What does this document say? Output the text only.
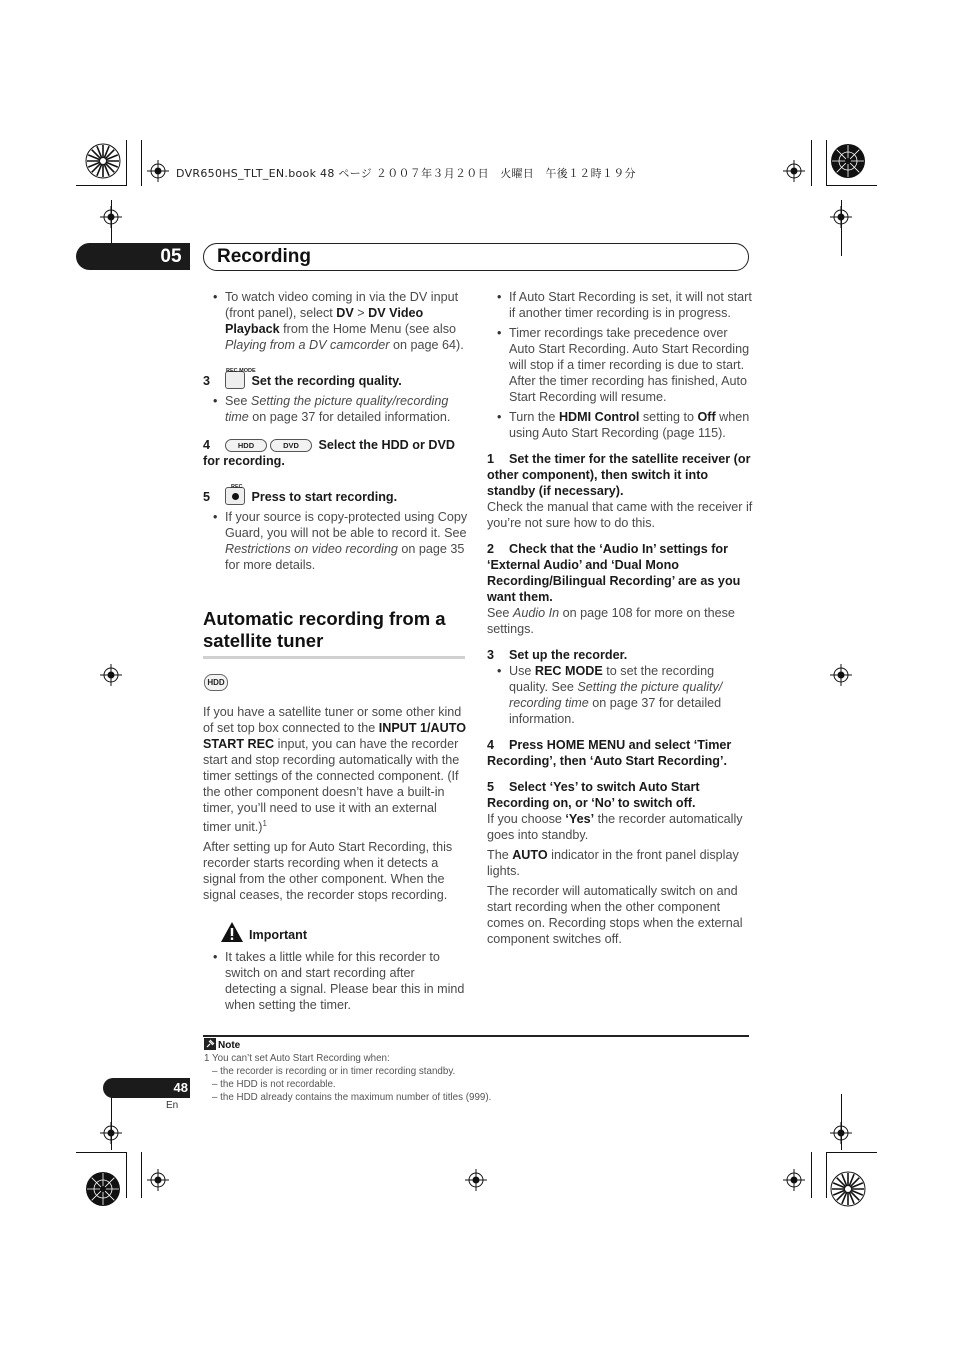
DVR650HS_TLT_EN.book 48 ページ ２００７年３月２０日　火曜日　午後１２時１９分
05	Recording

• To watch video coming in via the DV input (front panel), select DV > DV Video Playback from the Home Menu (see also Playing from a DV camcorder on page 64).

3
REC MODE
Set the recording quality.

• See Setting the picture quality/recording time on page 37 for detailed information.

4	HDD	DVD Select the HDD or DVD for recording.

5
REC
Press to start recording.

• If your source is copy-protected using Copy Guard, you will not be able to record it. See Restrictions on video recording on page 35 for more details.

Automatic recording from a satellite tuner
HDD

If you have a satellite tuner or some other kind of set top box connected to the INPUT 1/AUTO START REC input, you can have the recorder start and stop recording automatically with the timer settings of the connected component. (If the other component doesn’t have a built-in timer, you’ll need to use it with an external timer unit.)$^1$

After setting up for Auto Start Recording, this recorder starts recording when it detects a signal from the other component. When the signal ceases, the recorder stops recording.

Important

• It takes a little while for this recorder to switch on and start recording after detecting a signal. Please bear this in mind when setting the timer.

• If Auto Start Recording is set, it will not start if another timer recording is in progress.

• Timer recordings take precedence over Auto Start Recording. Auto Start Recording will stop if a timer recording is due to start. After the timer recording has finished, Auto Start Recording will resume.

• Turn the HDMI Control setting to Off when using Auto Start Recording (page 115).

1 Set the timer for the satellite receiver (or other component), then switch it into standby (if necessary).

Check the manual that came with the receiver if you’re not sure how to do this.

2 Check that the ‘Audio In’ settings for ‘External Audio’ and ‘Dual Mono Recording/Bilingual Recording’ are as you want them.

See Audio In on page 108 for more on these settings.

3 Set up the recorder.

• Use REC MODE to set the recording quality. See Setting the picture quality/ recording time on page 37 for detailed information.

4 Press HOME MENU and select ‘Timer Recording’, then ‘Auto Start Recording’.

5 Select ‘Yes’ to switch Auto Start Recording on, or ‘No’ to switch off.

If you choose ‘Yes’ the recorder automatically goes into standby.

The AUTO indicator in the front panel display lights.

The recorder will automatically switch on and start recording when the other component comes on. Recording stops when the external component switches off.

Note
1 You can’t set Auto Start Recording when:
– the recorder is recording or in timer recording standby.
– the HDD is not recordable.
– the HDD already contains the maximum number of titles (999).
48
En
